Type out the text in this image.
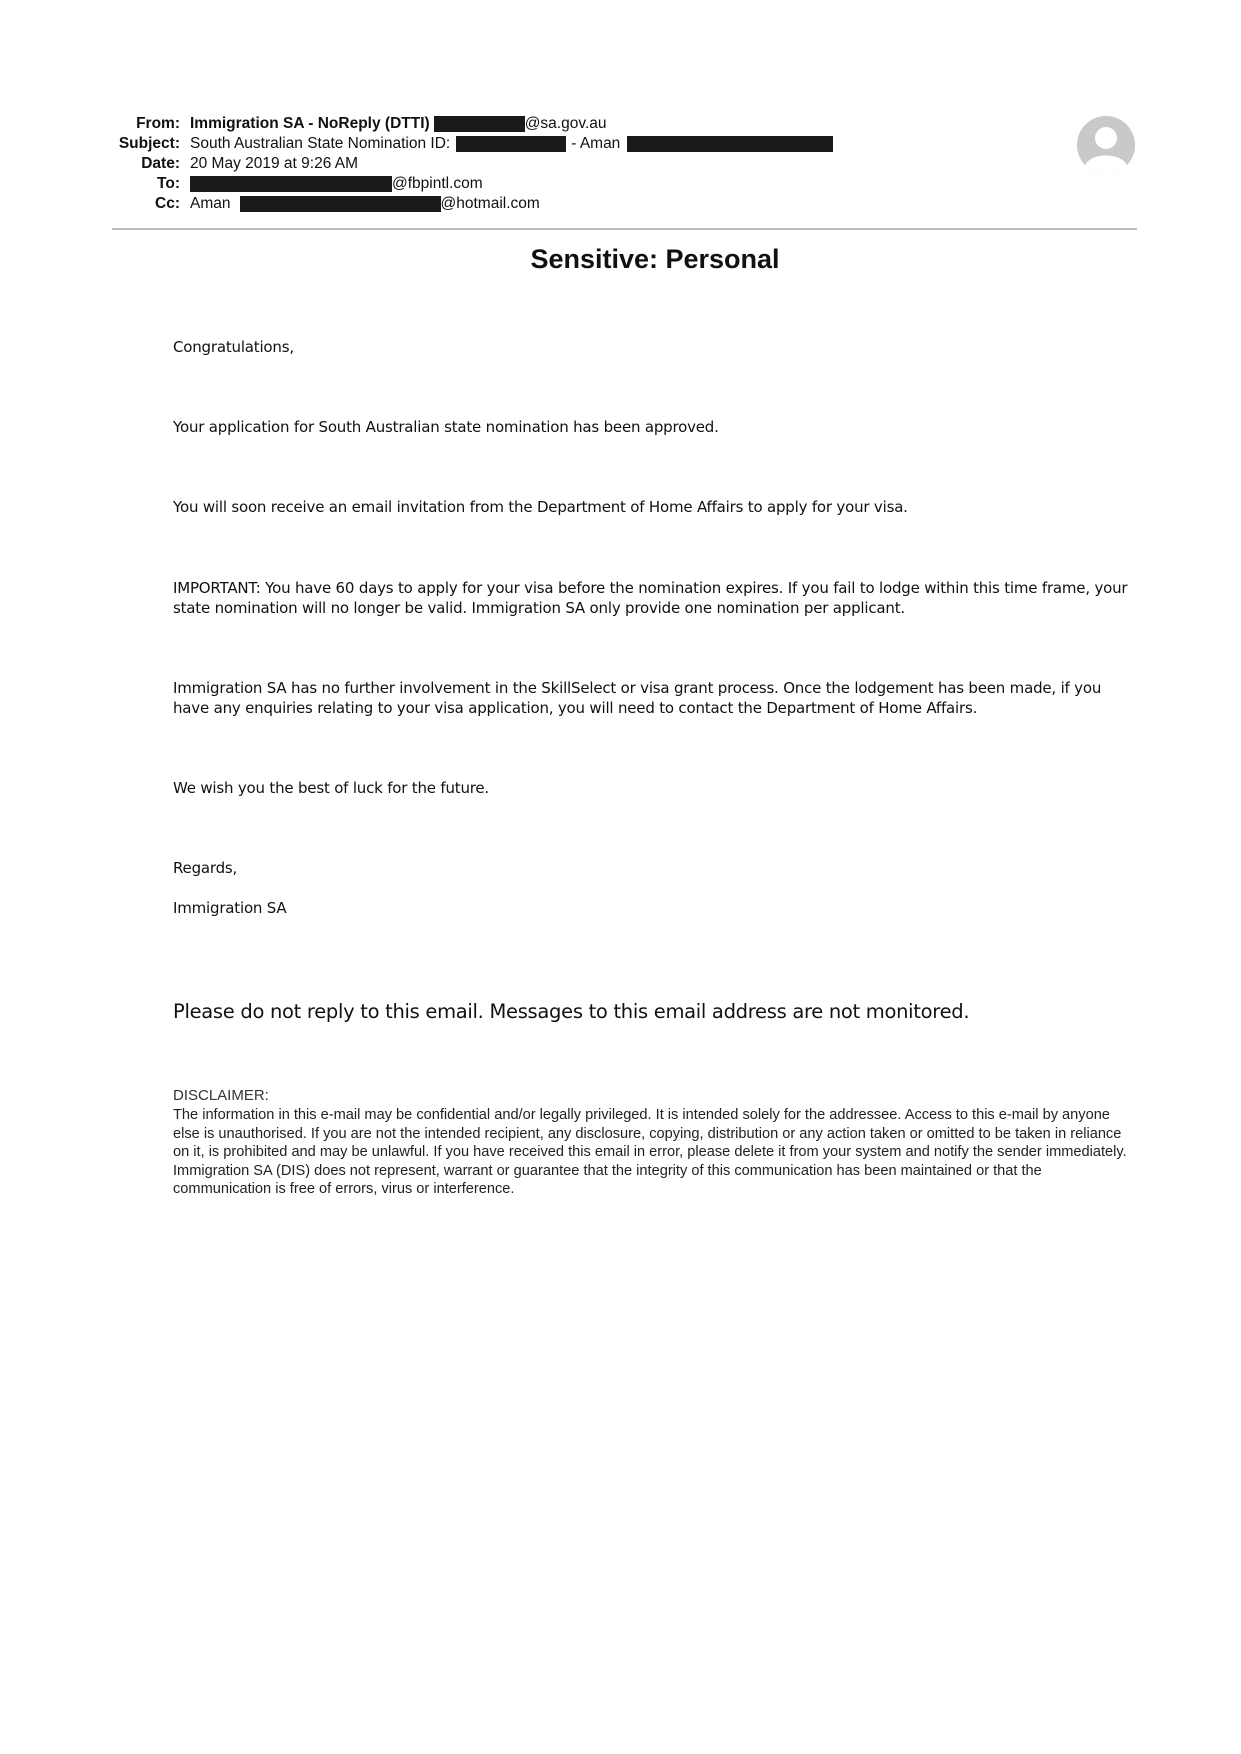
From: Immigration SA - NoReply (DTTI)	@sa.gov.au
Subject: South Australian State Nomination ID:	- Aman
Date: 20 May 2019 at 9:26 AM
To:	@fbpintl.com
Cc: Aman	@hotmail.com
Sensitive: Personal
Congratulations,
Your application for South Australian state nomination has been approved.
You will soon receive an email invitation from the Department of Home Affairs to apply for your visa.
IMPORTANT: You have 60 days to apply for your visa before the nomination expires. If you fail to lodge within this time frame, your state nomination will no longer be valid. Immigration SA only provide one nomination per applicant.
Immigration SA has no further involvement in the SkillSelect or visa grant process. Once the lodgement has been made, if you have any enquiries relating to your visa application, you will need to contact the Department of Home Affairs.
We wish you the best of luck for the future.
Regards,
Immigration SA
Please do not reply to this email. Messages to this email address are not monitored.
DISCLAIMER:
The information in this e-mail may be confidential and/or legally privileged. It is intended solely for the addressee. Access to this e-mail by anyone else is unauthorised. If you are not the intended recipient, any disclosure, copying, distribution or any action taken or omitted to be taken in reliance on it, is prohibited and may be unlawful. If you have received this email in error, please delete it from your system and notify the sender immediately. Immigration SA (DIS) does not represent, warrant or guarantee that the integrity of this communication has been maintained or that the communication is free of errors, virus or interference.
